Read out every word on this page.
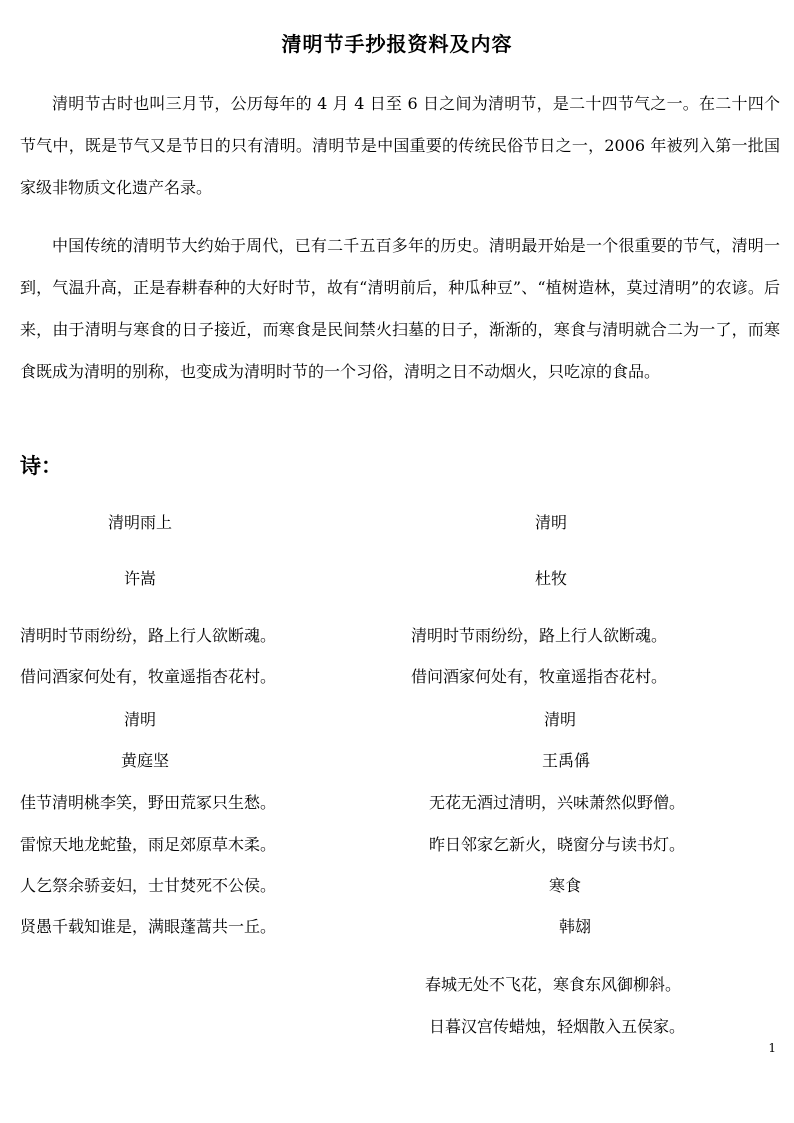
清明节手抄报资料及内容

清明节古时也叫三月节，公历每年的 4 月 4 日至 6 日之间为清明节，是二十四节气之一。在二十四个节气中，既是节气又是节日的只有清明。清明节是中国重要的传统民俗节日之一，2006 年被列入第一批国家级非物质文化遗产名录。

中国传统的清明节大约始于周代，已有二千五百多年的历史。清明最开始是一个很重要的节气，清明一到，气温升高，正是春耕春种的大好时节，故有“清明前后，种瓜种豆”、“植树造林，莫过清明”的农谚。后来，由于清明与寒食的日子接近，而寒食是民间禁火扫墓的日子，渐渐的，寒食与清明就合二为一了，而寒食既成为清明的别称，也变成为清明时节的一个习俗，清明之日不动烟火，只吃凉的食品。

诗：
清明雨上
许嵩
清明时节雨纷纷，路上行人欲断魂。
借问酒家何处有，牧童遥指杏花村。
清明
杜牧
清明时节雨纷纷，路上行人欲断魂。
借问酒家何处有，牧童遥指杏花村。
清明
黄庭坚
佳节清明桃李笑，野田荒冢只生愁。
雷惊天地龙蛇蛰，雨足郊原草木柔。
人乞祭余骄妾妇，士甘焚死不公侯。
贤愚千载知谁是，满眼蓬蒿共一丘。
清明
王禹偁
无花无酒过清明，兴味萧然似野僧。
昨日邻家乞新火，晓窗分与读书灯。
寒食
韩翃
春城无处不飞花，寒食东风御柳斜。
日暮汉宫传蜡烛，轻烟散入五侯家。
1
